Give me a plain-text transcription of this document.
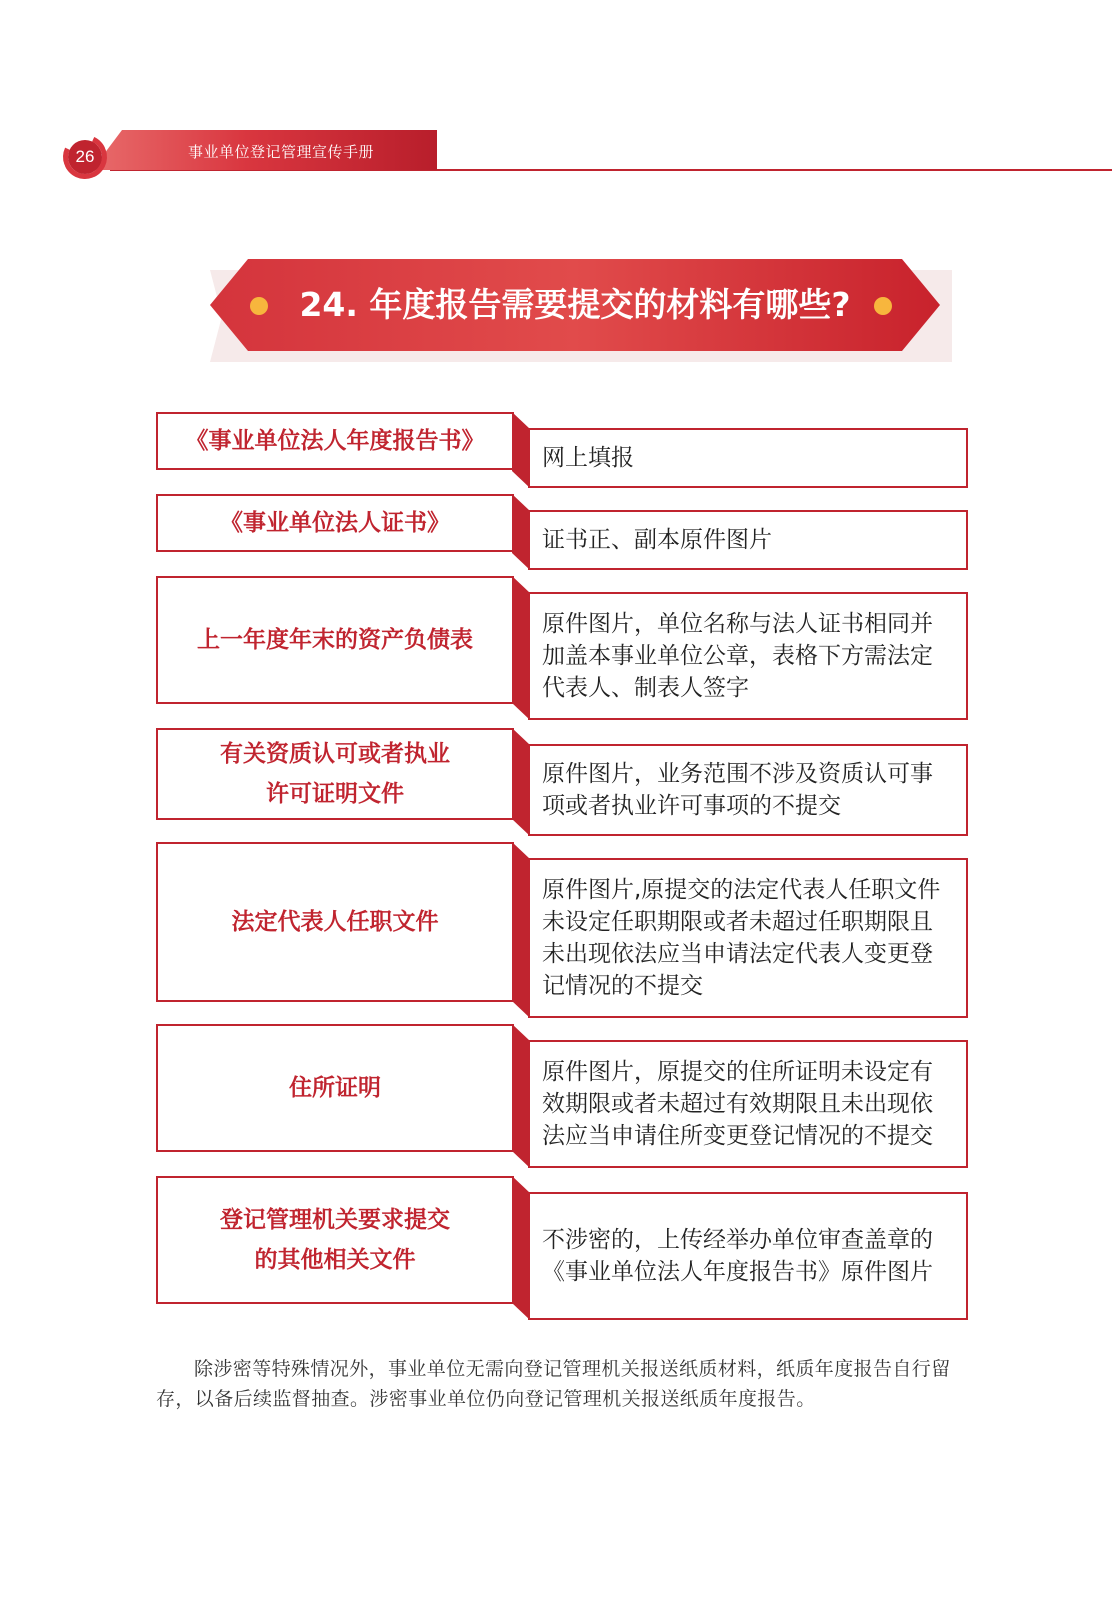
事业单位登记管理宣传手册
26
24. 年度报告需要提交的材料有哪些?
《事业单位法人年度报告书》
网上填报
《事业单位法人证书》
证书正、副本原件图片
上一年度年末的资产负债表
原件图片，单位名称与法人证书相同并加盖本事业单位公章，表格下方需法定代表人、制表人签字
有关资质认可或者执业许可证明文件
原件图片，业务范围不涉及资质认可事项或者执业许可事项的不提交
法定代表人任职文件
原件图片,原提交的法定代表人任职文件未设定任职期限或者未超过任职期限且未出现依法应当申请法定代表人变更登记情况的不提交
住所证明
原件图片，原提交的住所证明未设定有效期限或者未超过有效期限且未出现依法应当申请住所变更登记情况的不提交
登记管理机关要求提交的其他相关文件
不涉密的，上传经举办单位审查盖章的《事业单位法人年度报告书》原件图片
除涉密等特殊情况外，事业单位无需向登记管理机关报送纸质材料，纸质年度报告自行留存，以备后续监督抽查。涉密事业单位仍向登记管理机关报送纸质年度报告。
